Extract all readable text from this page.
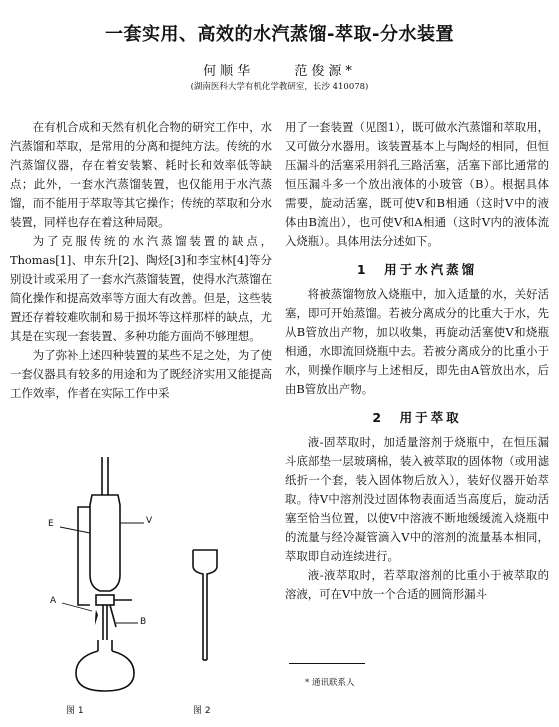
一套实用、高效的水汽蒸馏-萃取-分水装置
何顺华	范俊源*
(湖南医科大学有机化学教研室，长沙 410078)

在有机合成和天然有机化合物的研究工作中，水汽蒸馏和萃取，是常用的分离和提纯方法。传统的水汽蒸馏仪器，存在着安装繁、耗时长和效率低等缺点；此外，一套水汽蒸馏装置，也仅能用于水汽蒸馏，而不能用于萃取等其它操作；传统的萃取和分水装置，同样也存在着这种局限。

为了克服传统的水汽蒸馏装置的缺点，Thomas[1]、申东升[2]、陶烃[3]和李宝林[4]等分别设计或采用了一套水汽蒸馏装置，使得水汽蒸馏在简化操作和提高效率等方面大有改善。但是，这些装置还存着较难吹制和易于损坏等这样那样的缺点，尤其是在实现一套装置、多种功能方面尚不够理想。

为了弥补上述四种装置的某些不足之处，为了使一套仪器具有较多的用途和为了既经济实用又能提高工作效率，作者在实际工作中采

用了一套装置（见图1），既可做水汽蒸馏和萃取用，又可做分水器用。该装置基本上与陶烃的相同，但恒压漏斗的活塞采用斜孔三路活塞，活塞下部比通常的恒压漏斗多一个放出液体的小玻管（B）。根据具体需要，旋动活塞，既可使V和B相通（这时V中的液体由B流出），也可使V和A相通（这时V内的液体流入烧瓶）。具体用法分述如下。

1　用于水汽蒸馏

将被蒸馏物放入烧瓶中，加入适量的水，关好活塞，即可开始蒸馏。若被分离成分的比重大于水，先从B管放出产物，加以收集，再旋动活塞使V和烧瓶相通，水即流回烧瓶中去。若被分离成分的比重小于水，则操作顺序与上述相反，即先由A管放出水，后由B管放出产物。

2　用于萃取

液-固萃取时，加适量溶剂于烧瓶中，在恒压漏斗底部垫一层玻璃棉，装入被萃取的固体物（或用滤纸折一个套，装入固体物后放入），装好仪器开始萃取。待V中溶剂没过固体物表面适当高度后，旋动活塞至恰当位置，以使V中溶液不断地缓缓流入烧瓶中的流量与经冷凝管滴入V中的溶剂的流量基本相同，萃取即自动连续进行。

液-液萃取时，若萃取溶剂的比重小于被萃取的溶液，可在V中放一个合适的圆筒形漏斗

E	V
A
B
图 1	图 2
* 通讯联系人
